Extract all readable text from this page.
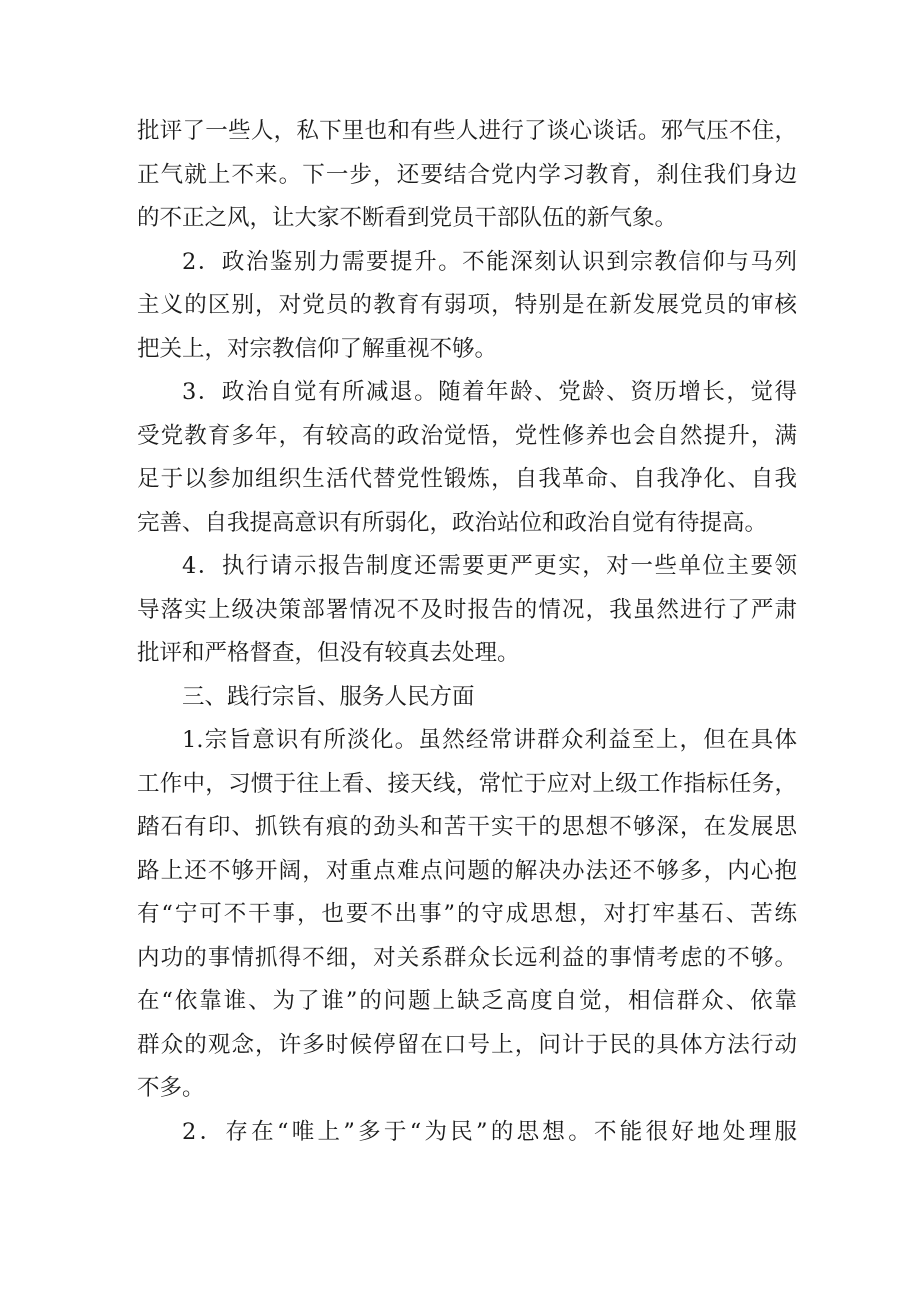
批评了一些人，私下里也和有些人进行了谈心谈话。邪气压不住，
正气就上不来。下一步，还要结合党内学习教育，刹住我们身边
的不正之风，让大家不断看到党员干部队伍的新气象。
2．政治鉴别力需要提升。不能深刻认识到宗教信仰与马列
主义的区别，对党员的教育有弱项，特别是在新发展党员的审核
把关上，对宗教信仰了解重视不够。
3．政治自觉有所减退。随着年龄、党龄、资历增长，觉得
受党教育多年，有较高的政治觉悟，党性修养也会自然提升，满
足于以参加组织生活代替党性锻炼，自我革命、自我净化、自我
完善、自我提高意识有所弱化，政治站位和政治自觉有待提高。
4．执行请示报告制度还需要更严更实，对一些单位主要领
导落实上级决策部署情况不及时报告的情况，我虽然进行了严肃
批评和严格督查，但没有较真去处理。
三、践行宗旨、服务人民方面
1.宗旨意识有所淡化。虽然经常讲群众利益至上，但在具体
工作中，习惯于往上看、接天线，常忙于应对上级工作指标任务，
踏石有印、抓铁有痕的劲头和苦干实干的思想不够深，在发展思
路上还不够开阔，对重点难点问题的解决办法还不够多，内心抱
有“宁可不干事，也要不出事”的守成思想，对打牢基石、苦练
内功的事情抓得不细，对关系群众长远利益的事情考虑的不够。
在“依靠谁、为了谁”的问题上缺乏高度自觉，相信群众、依靠
群众的观念，许多时候停留在口号上，问计于民的具体方法行动
不多。
2．存在“唯上”多于“为民”的思想。不能很好地处理服
